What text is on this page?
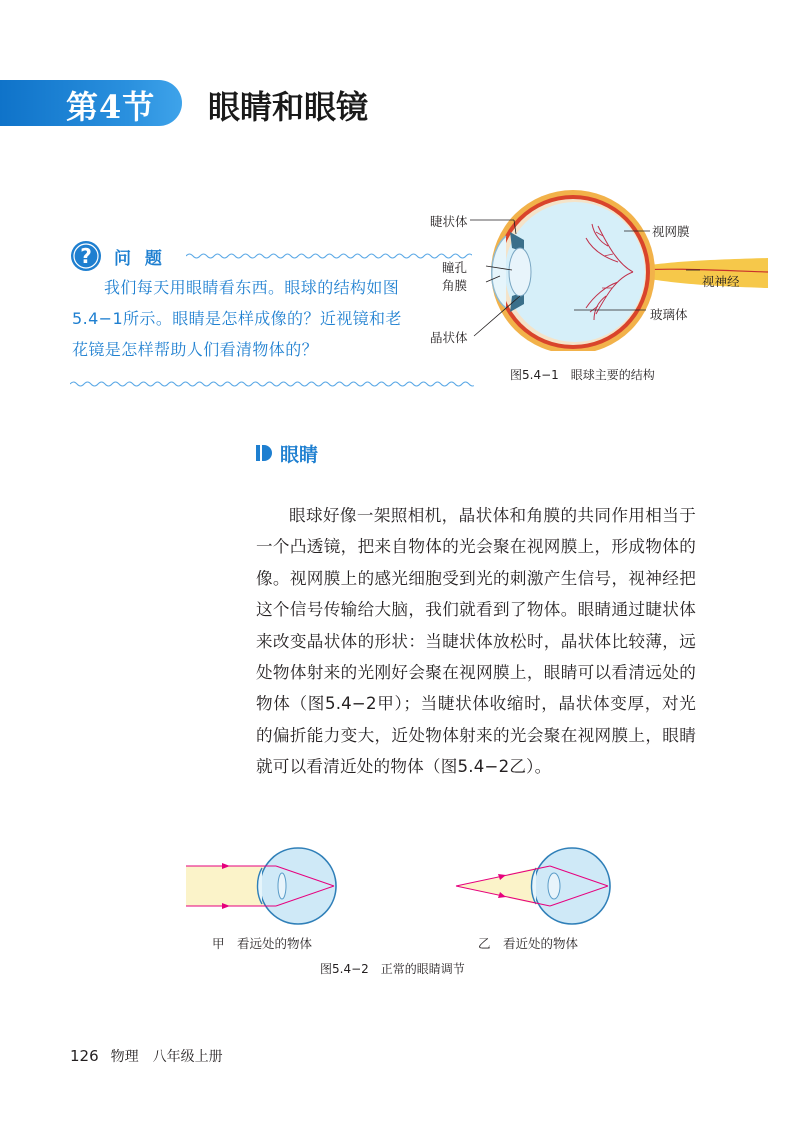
第4节 眼睛和眼镜
? 问 题
我们每天用眼睛看东西。眼球的结构如图5.4−1所示。眼睛是怎样成像的？近视镜和老花镜是怎样帮助人们看清物体的？
睫状体
瞳孔
角膜
晶状体
视网膜
视神经
玻璃体
图5.4−1　眼球主要的结构
眼睛
眼球好像一架照相机，晶状体和角膜的共同作用相当于一个凸透镜，把来自物体的光会聚在视网膜上，形成物体的像。视网膜上的感光细胞受到光的刺激产生信号，视神经把这个信号传输给大脑，我们就看到了物体。眼睛通过睫状体来改变晶状体的形状：当睫状体放松时，晶状体比较薄，远处物体射来的光刚好会聚在视网膜上，眼睛可以看清远处的物体（图5.4−2甲）；当睫状体收缩时，晶状体变厚，对光的偏折能力变大，近处物体射来的光会聚在视网膜上，眼睛就可以看清近处的物体（图5.4−2乙）。
甲　看远处的物体	乙　看近处的物体
图5.4−2　正常的眼睛调节
126 物理　八年级上册
